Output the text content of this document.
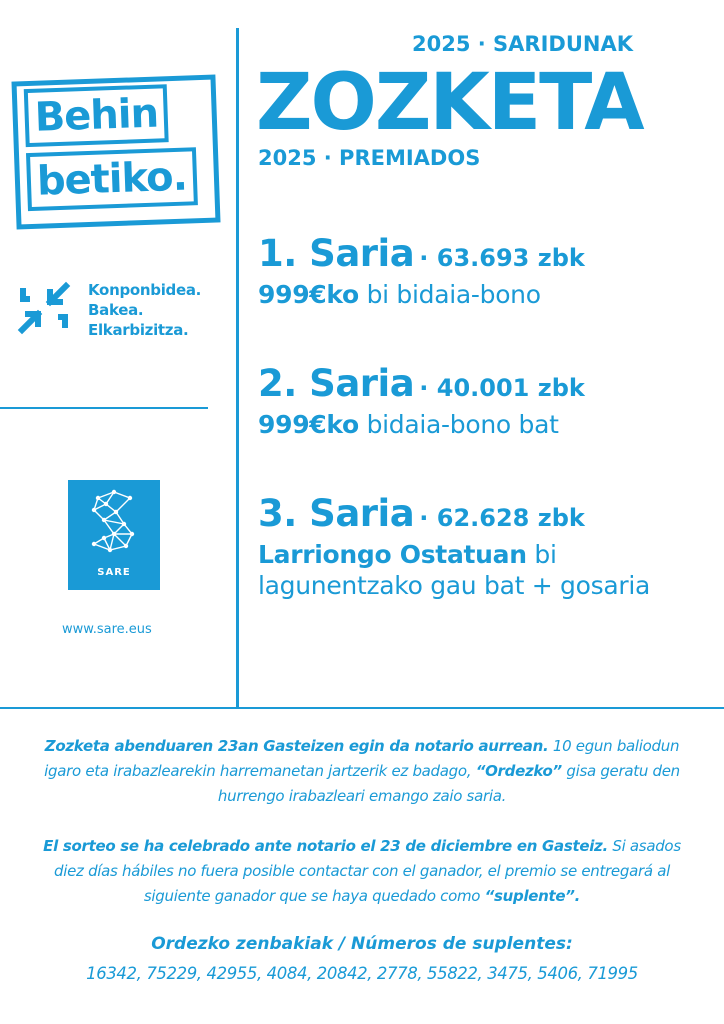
Behin
betiko.
Konponbidea.
Bakea.
Elkarbizitza.
SARE
www.sare.eus
2025 · SARIDUNAK
ZOZKETA
2025 · PREMIADOS
1. Saria · 63.693 zbk
999€ko bi bidaia-bono
2. Saria · 40.001 zbk
999€ko bidaia-bono bat
3. Saria · 62.628 zbk
Larriongo Ostatuan bi lagunentzako gau bat + gosaria
Zozketa abenduaren 23an Gasteizen egin da notario aurrean. 10 egun baliodun igaro eta irabazlearekin harremanetan jartzerik ez badago, “Ordezko” gisa geratu den hurrengo irabazleari emango zaio saria.
El sorteo se ha celebrado ante notario el 23 de diciembre en Gasteiz. Si asados diez días hábiles no fuera posible contactar con el ganador, el premio se entregará al siguiente ganador que se haya quedado como “suplente”.
Ordezko zenbakiak / Números de suplentes:
16342, 75229, 42955, 4084, 20842, 2778, 55822, 3475, 5406, 71995
